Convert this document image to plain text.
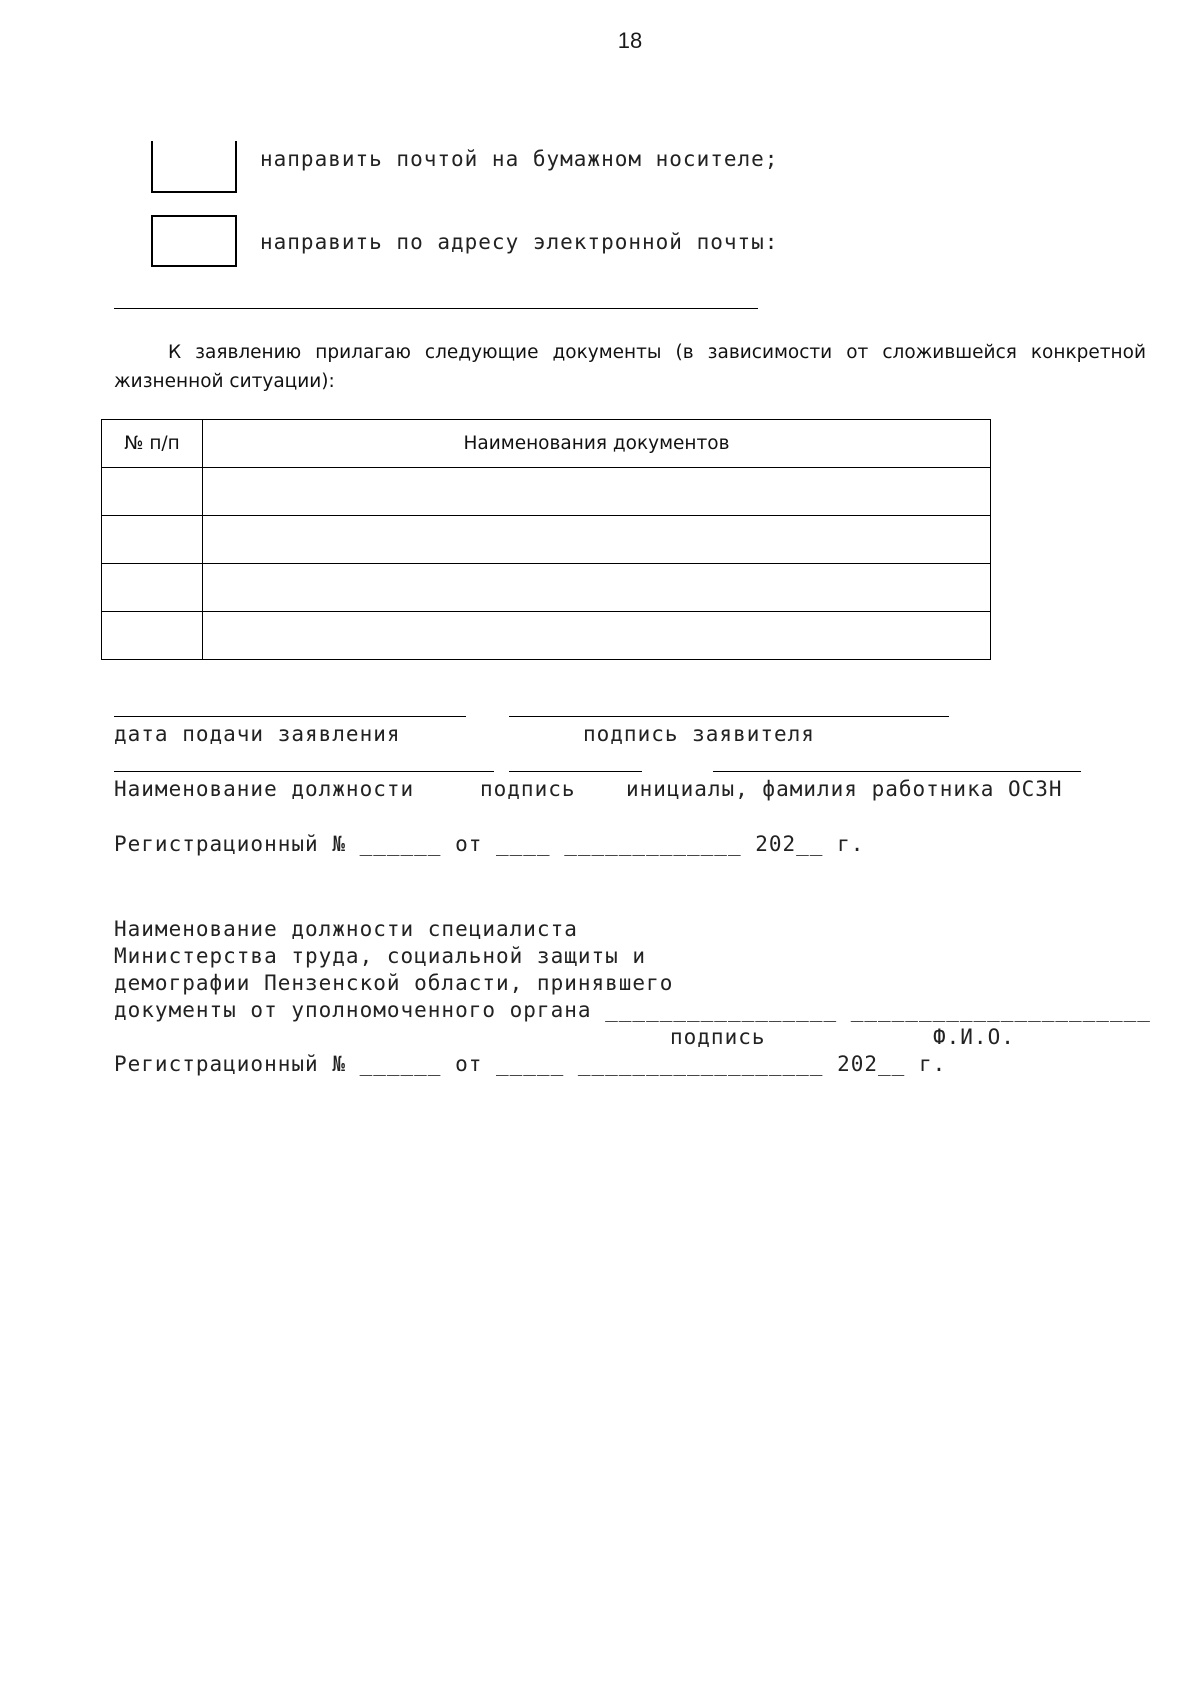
18
направить почтой на бумажном носителе;
направить по адресу электронной почты:
К заявлению прилагаю следующие документы (в зависимости от сложившейся конкретной
жизненной ситуации):
№ п/п	Наименования документов

дата подачи заявления	подпись заявителя
Наименование должности	подпись инициалы, фамилия работника ОСЗН
Регистрационный № ______ от ____ _____________ 202__ г.
Наименование должности специалиста
Министерства труда, социальной защиты и
демографии Пензенской области, принявшего
документы от уполномоченного органа _________________ ______________________
подпись	Ф.И.О.
Регистрационный № ______ от _____ __________________ 202__ г.
